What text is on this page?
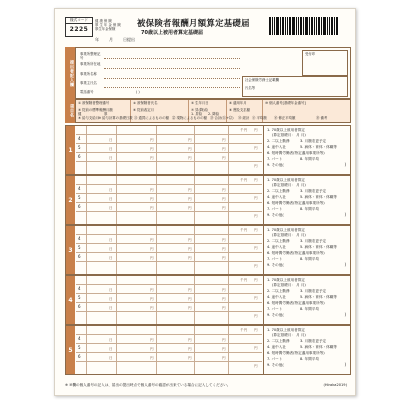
様式コード
2225
健 康 保 険
厚 生 年 金 保 険
厚生年金保険
被保険者報酬月額算定基礎届
70歳以上被用者算定基礎届
年	月	日提出
提出者記入欄
事業所整理記号
事業所所在地
事業所名称
事業主氏名
電話番号	( )
受付印
社会保険労務士記載欄
氏名等
項目名
① 被保険者整理番号	② 被保険者氏名	③ 生年月日	④ 適用年月	⑩ 個人番号[基礎年金番号]
⑤ 従前の標準報酬月額	⑥ 従前改定月	⑦ 昇(降)給	⑧ 遡及支払額
健	厚	1. 昇給 2. 降給
⑨ 給与支給月
⑩ 給与計算の基礎日数 ⑪ 通貨によるものの額 ⑫ 現物によるものの額 ⑬ 合計(⑪+⑫) ⑭ 総計 ⑮ 平均額 ⑯ 修正平均額	⑱ 備考
1
4	日	円	円	円
5	日	円	円	円
6	日	円	円	円
円
円
円
千円	1. 70歳以上被用者算定
(算定基礎月： 月 月)
2. 二以上勤務	3. 月額変更予定
4. 途中入社	5. 病休・育休・休職等
6. 短時間労働者(特定適用事業所等)
7. パート	8. 年間平均
9. その他(	)
2
4	日	円	円	円
5	日	円	円	円
6	日	円	円	円
円
円
円
千円	1. 70歳以上被用者算定
(算定基礎月： 月 月)
2. 二以上勤務	3. 月額変更予定
4. 途中入社	5. 病休・育休・休職等
6. 短時間労働者(特定適用事業所等)
7. パート	8. 年間平均
9. その他(	)
3
4	日	円	円	円
5	日	円	円	円
6	日	円	円	円
円
円
円
千円	1. 70歳以上被用者算定
(算定基礎月： 月 月)
2. 二以上勤務	3. 月額変更予定
4. 途中入社	5. 病休・育休・休職等
6. 短時間労働者(特定適用事業所等)
7. パート	8. 年間平均
9. その他(	)
4
4	日	円	円	円
5	日	円	円	円
6	日	円	円	円
円
円
円
千円	1. 70歳以上被用者算定
(算定基礎月： 月 月)
2. 二以上勤務	3. 月額変更予定
4. 途中入社	5. 病休・育休・休職等
6. 短時間労働者(特定適用事業所等)
7. パート	8. 年間平均
9. その他(	)
5
4	日	円	円	円
5	日	円	円	円
6	日	円	円	円
円
円
円
千円	1. 70歳以上被用者算定
(算定基礎月： 月 月)
2. 二以上勤務	3. 月額変更予定
4. 途中入社	5. 病休・育休・休職等
6. 短時間労働者(特定適用事業所等)
7. パート	8. 年間平均
9. その他(	)
※ ⑩欄の個人番号の記入は、届出の提出時点で個人番号の確認が出来ている場合に記入してください。	(Hiraka2019)
